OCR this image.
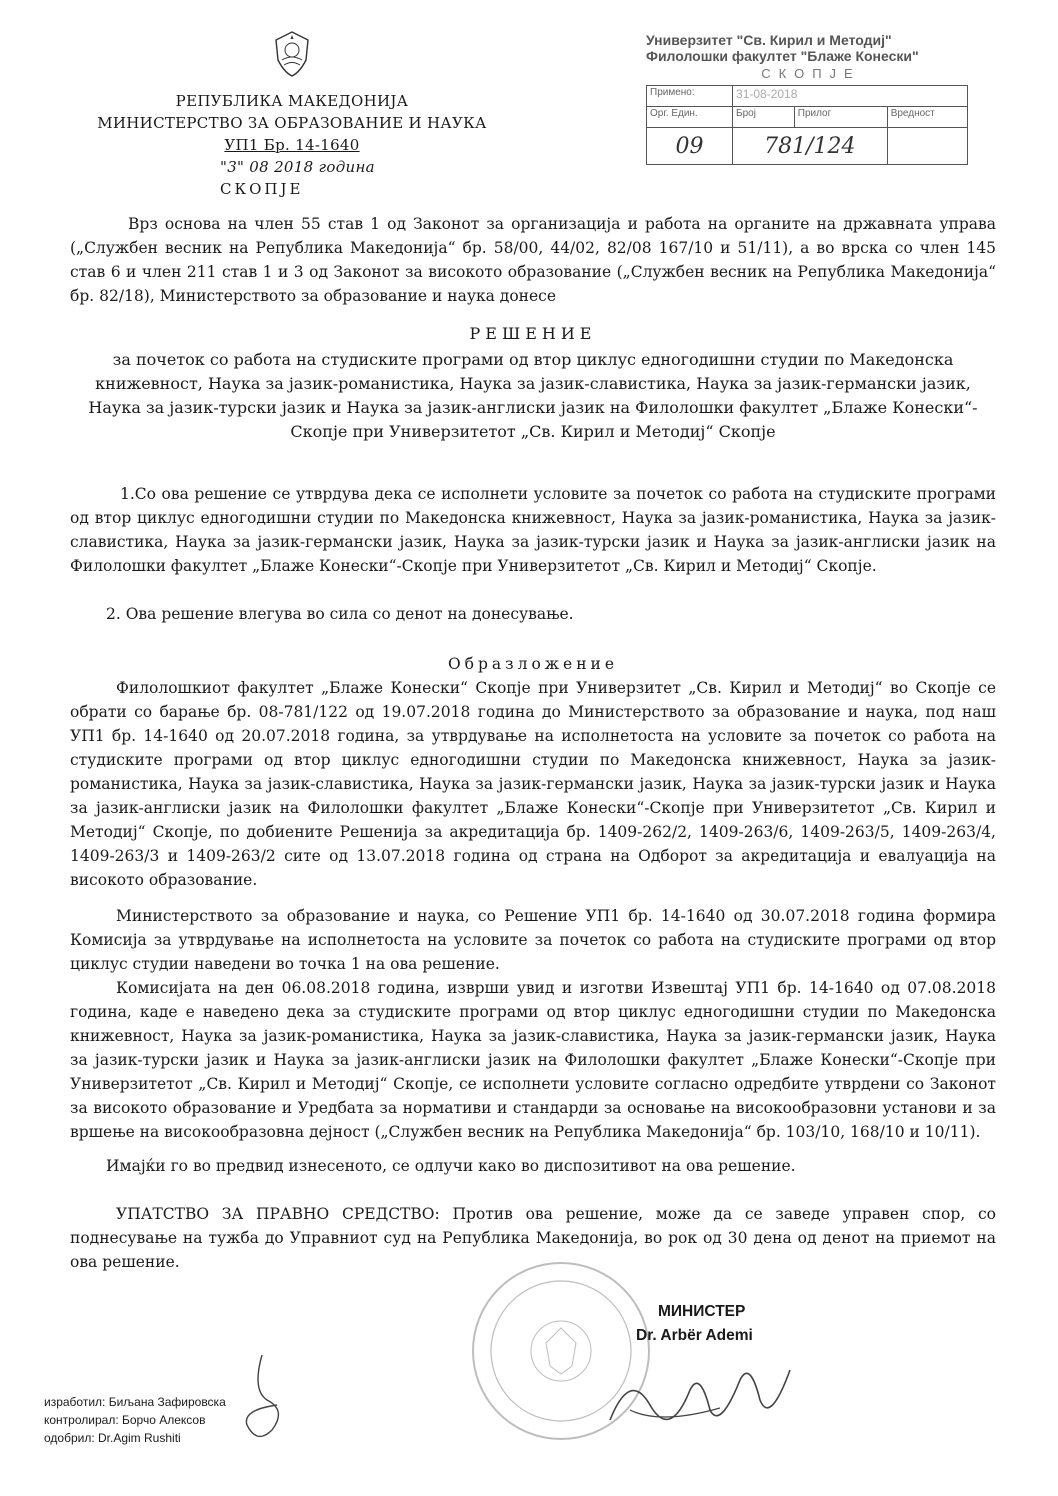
РЕПУБЛИКА МАКЕДОНИЈА
МИНИСТЕРСТВО ЗА ОБРАЗОВАНИЕ И НАУКА
УП1 Бр. 14-1640
"3" 08 2018 година
СКОПЈЕ
Универзитет "Св. Кирил и Методиј"
Филолошки факултет "Блаже Конески"
СКОПЈЕ
Примено:	31-08-2018		
Орг. Един.	Број	Прилог	Вредност
09	781/124		
Врз основа на член 55 став 1 од Законот за организација и работа на органите на државната управа („Службен весник на Република Македонија“ бр. 58/00, 44/02, 82/08 167/10 и 51/11), а во врска со член 145 став 6 и член 211 став 1 и 3 од Законот за високото образование („Службен весник на Република Македонија“ бр. 82/18), Министерството за образование и наука донесе
РЕШЕНИЕ
за почеток со работа на студиските програми од втор циклус едногодишни студии по Македонска книжевност, Наука за јазик-романистика, Наука за јазик-славистика, Наука за јазик-германски јазик, Наука за јазик-турски јазик и Наука за јазик-англиски јазик на Филолошки факултет „Блаже Конески“-Скопје при Универзитетот „Св. Кирил и Методиј“ Скопје
1.Со ова решение се утврдува дека се исполнети условите за почеток со работа на студиските програми од втор циклус едногодишни студии по Македонска книжевност, Наука за јазик-романистика, Наука за јазик-славистика, Наука за јазик-германски јазик, Наука за јазик-турски јазик и Наука за јазик-англиски јазик на Филолошки факултет „Блаже Конески“-Скопје при Универзитетот „Св. Кирил и Методиј“ Скопје.
2. Ова решение влегува во сила со денот на донесување.
Образложение
Филолошкиот факултет „Блаже Конески“ Скопје при Универзитет „Св. Кирил и Методиј“ во Скопје се обрати со барање бр. 08-781/122 од 19.07.2018 година до Министерството за образование и наука, под наш УП1 бр. 14-1640 од 20.07.2018 година, за утврдување на исполнетоста на условите за почеток со работа на студиските програми од втор циклус едногодишни студии по Македонска книжевност, Наука за јазик-романистика, Наука за јазик-славистика, Наука за јазик-германски јазик, Наука за јазик-турски јазик и Наука за јазик-англиски јазик на Филолошки факултет „Блаже Конески“-Скопје при Универзитетот „Св. Кирил и Методиј“ Скопје, по добиените Решенија за акредитација бр. 1409-262/2, 1409-263/6, 1409-263/5, 1409-263/4, 1409-263/3 и 1409-263/2 сите од 13.07.2018 година од страна на Одборот за акредитација и евалуација на високото образование.
Министерството за образование и наука, со Решение УП1 бр. 14-1640 од 30.07.2018 година формира Комисија за утврдување на исполнетоста на условите за почеток со работа на студиските програми од втор циклус студии наведени во точка 1 на ова решение.
Комисијата на ден 06.08.2018 година, изврши увид и изготви Извештај УП1 бр. 14-1640 од 07.08.2018 година, каде е наведено дека за студиските програми од втор циклус едногодишни студии по Македонска книжевност, Наука за јазик-романистика, Наука за јазик-славистика, Наука за јазик-германски јазик, Наука за јазик-турски јазик и Наука за јазик-англиски јазик на Филолошки факултет „Блаже Конески“-Скопје при Универзитетот „Св. Кирил и Методиј“ Скопје, се исполнети условите согласно одредбите утврдени со Законот за високото образование и Уредбата за нормативи и стандарди за основање на високообразовни установи и за вршење на високообразовна дејност („Службен весник на Република Македонија“ бр. 103/10, 168/10 и 10/11).
Имајќи го во предвид изнесеното, се одлучи како во диспозитивот на ова решение.
УПАТСТВО ЗА ПРАВНО СРЕДСТВО: Против ова решение, може да се заведе управен спор, со поднесување на тужба до Управниот суд на Република Македонија, во рок од 30 дена од денот на приемот на ова решение.
МИНИСТЕР
Dr. Arbër Ademi
изработил: Биљана Зафировска
контролирал: Борчо Алексов
одобрил: Dr.Agim Rushiti
